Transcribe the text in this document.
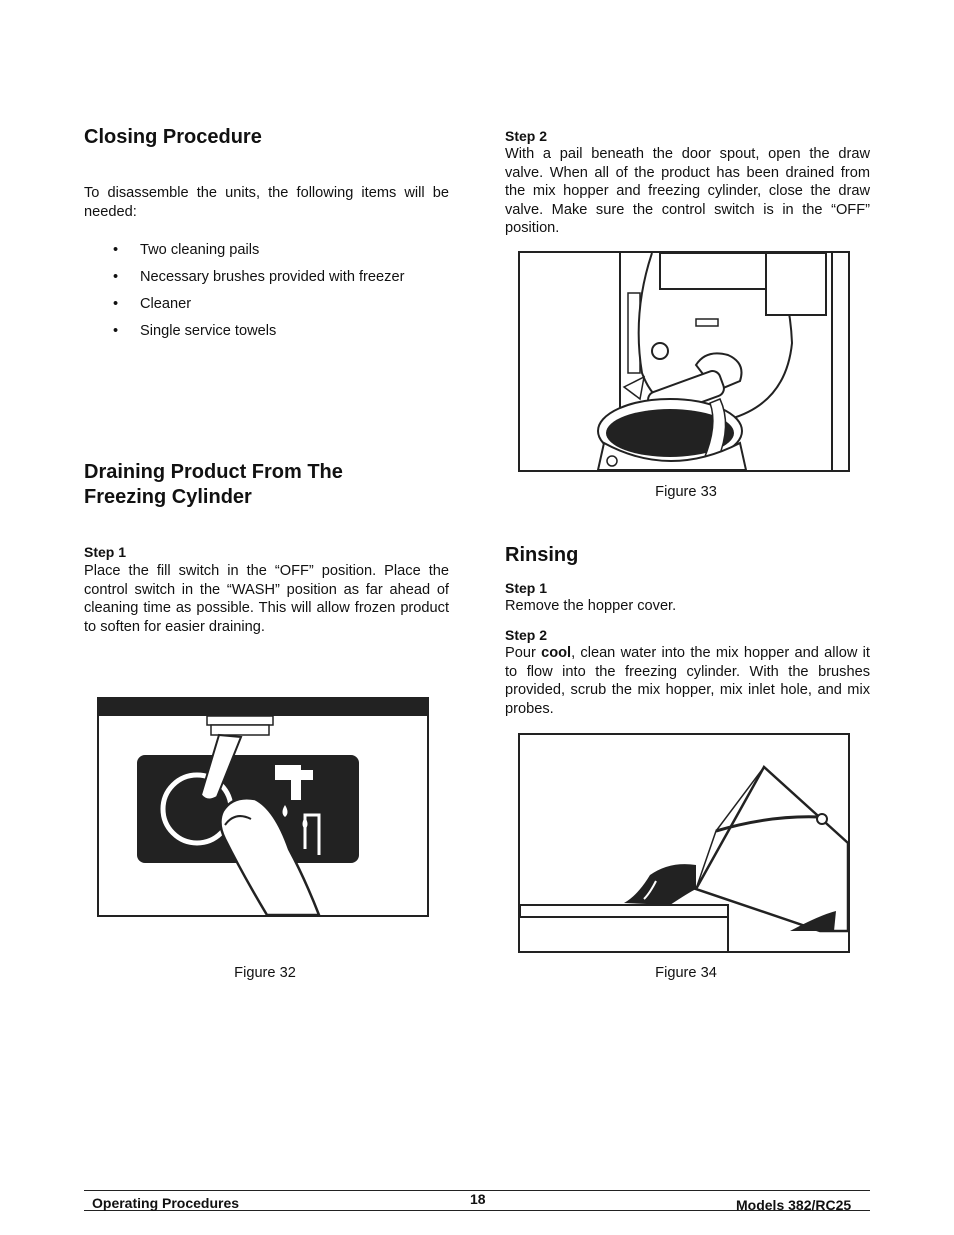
Closing Procedure
To disassemble the units, the following items will be needed:
• Two cleaning pails
• Necessary brushes provided with freezer
• Cleaner
• Single service towels
Draining Product From The
Freezing Cylinder
Step 1
Place the fill switch in the “OFF” position. Place the control switch in the “WASH” position as far ahead of cleaning time as possible. This will allow frozen product to soften for easier draining.
Figure 32
Step 2
With a pail beneath the door spout, open the draw valve. When all of the product has been drained from the mix hopper and freezing cylinder, close the draw valve. Make sure the control switch is in the “OFF” position.
Figure 33
Rinsing
Step 1
Remove the hopper cover.
Step 2
Pour cool, clean water into the mix hopper and allow it to flow into the freezing cylinder. With the brushes provided, scrub the mix hopper, mix inlet hole, and mix probes.
Figure 34
Operating Procedures	18	Models 382/RC25
